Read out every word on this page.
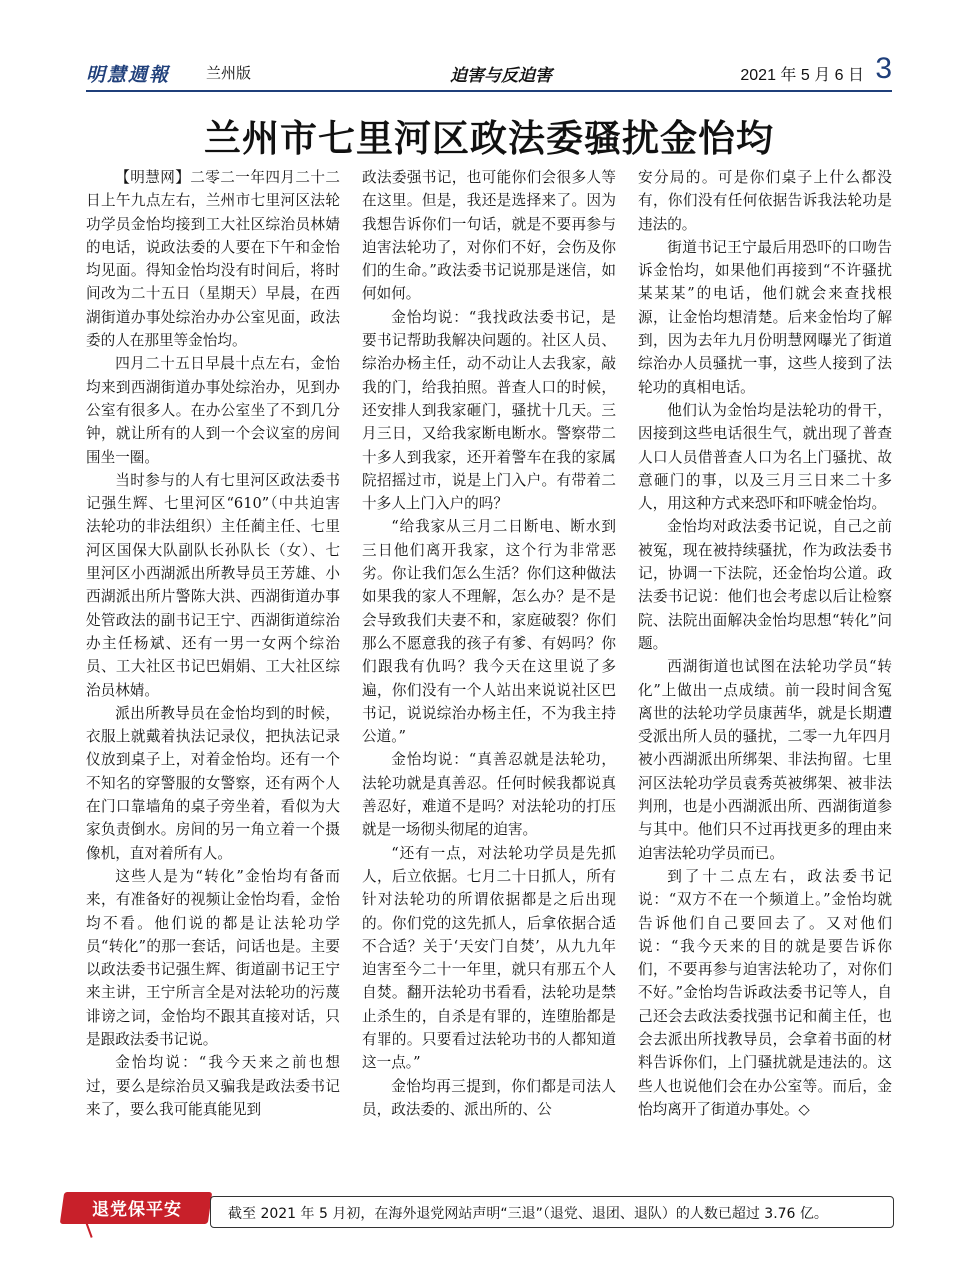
明慧週報 兰州版	迫害与反迫害	2021 年 5 月 6 日 3
兰州市七里河区政法委骚扰金怡均

【明慧网】二零二一年四月二十二日上午九点左右，兰州市七里河区法轮功学员金怡均接到工大社区综治员林婧的电话，说政法委的人要在下午和金怡均见面。得知金怡均没有时间后，将时间改为二十五日（星期天）早晨，在西湖街道办事处综治办办公室见面，政法委的人在那里等金怡均。

四月二十五日早晨十点左右，金怡均来到西湖街道办事处综治办，见到办公室有很多人。在办公室坐了不到几分钟，就让所有的人到一个会议室的房间围坐一圈。

当时参与的人有七里河区政法委书记强生辉、七里河区“610”（中共迫害法轮功的非法组织）主任蔺主任、七里河区国保大队副队长孙队长（女）、七里河区小西湖派出所教导员王芳雄、小西湖派出所片警陈大洪、西湖街道办事处管政法的副书记王宁、西湖街道综治办主任杨斌、还有一男一女两个综治员、工大社区书记巴娟娟、工大社区综治员林婧。

派出所教导员在金怡均到的时候，衣服上就戴着执法记录仪，把执法记录仪放到桌子上，对着金怡均。还有一个不知名的穿警服的女警察，还有两个人在门口靠墙角的桌子旁坐着，看似为大家负责倒水。房间的另一角立着一个摄像机，直对着所有人。

这些人是为“转化”金怡均有备而来，有准备好的视频让金怡均看，金怡均不看。他们说的都是让法轮功学员“转化”的那一套话，问话也是。主要以政法委书记强生辉、街道副书记王宁来主讲，王宁所言全是对法轮功的污蔑诽谤之词，金怡均不跟其直接对话，只是跟政法委书记说。

金怡均说：“我今天来之前也想过，要么是综治员又骗我是政法委书记来了，要么我可能真能见到

政法委强书记，也可能你们会很多人等在这里。但是，我还是选择来了。因为我想告诉你们一句话，就是不要再参与迫害法轮功了，对你们不好，会伤及你们的生命。”政法委书记说那是迷信，如何如何。

金怡均说：“我找政法委书记，是要书记帮助我解决问题的。社区人员、综治办杨主任，动不动让人去我家，敲我的门，给我拍照。普查人口的时候，还安排人到我家砸门，骚扰十几天。三月三日，又给我家断电断水。警察带二十多人到我家，还开着警车在我的家属院招摇过市，说是上门入户。有带着二十多人上门入户的吗？

“给我家从三月二日断电、断水到三日他们离开我家，这个行为非常恶劣。你让我们怎么生活？你们这种做法如果我的家人不理解，怎么办？是不是会导致我们夫妻不和，家庭破裂？你们那么不愿意我的孩子有爹、有妈吗？你们跟我有仇吗？我今天在这里说了多遍，你们没有一个人站出来说说社区巴书记，说说综治办杨主任，不为我主持公道。”

金怡均说：“真善忍就是法轮功，法轮功就是真善忍。任何时候我都说真善忍好，难道不是吗？对法轮功的打压就是一场彻头彻尾的迫害。

“还有一点，对法轮功学员是先抓人，后立依据。七月二十日抓人，所有针对法轮功的所谓依据都是之后出现的。你们党的这先抓人，后拿依据合适不合适？关于‘天安门自焚’，从九九年迫害至今二十一年里，就只有那五个人自焚。翻开法轮功书看看，法轮功是禁止杀生的，自杀是有罪的，连堕胎都是有罪的。只要看过法轮功书的人都知道这一点。”

金怡均再三提到，你们都是司法人员，政法委的、派出所的、公

安分局的。可是你们桌子上什么都没有，你们没有任何依据告诉我法轮功是违法的。

街道书记王宁最后用恐吓的口吻告诉金怡均，如果他们再接到“不许骚扰某某某”的电话，他们就会来查找根源，让金怡均想清楚。后来金怡均了解到，因为去年九月份明慧网曝光了街道综治办人员骚扰一事，这些人接到了法轮功的真相电话。

他们认为金怡均是法轮功的骨干，因接到这些电话很生气，就出现了普查人口人员借普查人口为名上门骚扰、故意砸门的事，以及三月三日来二十多人，用这种方式来恐吓和吓唬金怡均。

金怡均对政法委书记说，自己之前被冤，现在被持续骚扰，作为政法委书记，协调一下法院，还金怡均公道。政法委书记说：他们也会考虑以后让检察院、法院出面解决金怡均思想“转化”问题。

西湖街道也试图在法轮功学员“转化”上做出一点成绩。前一段时间含冤离世的法轮功学员康茜华，就是长期遭受派出所人员的骚扰，二零一九年四月被小西湖派出所绑架、非法拘留。七里河区法轮功学员袁秀英被绑架、被非法判刑，也是小西湖派出所、西湖街道参与其中。他们只不过再找更多的理由来迫害法轮功学员而已。

到了十二点左右，政法委书记说：“双方不在一个频道上。”金怡均就告诉他们自己要回去了。又对他们说：“我今天来的目的就是要告诉你们，不要再参与迫害法轮功了，对你们不好。”金怡均告诉政法委书记等人，自己还会去政法委找强书记和蔺主任，也会去派出所找教导员，会拿着书面的材料告诉你们，上门骚扰就是违法的。这些人也说他们会在办公室等。而后，金怡均离开了街道办事处。◇

退党保平安	截至 2021 年 5 月初，在海外退党网站声明“三退”（退党、退团、退队）的人数已超过 3.76 亿。
